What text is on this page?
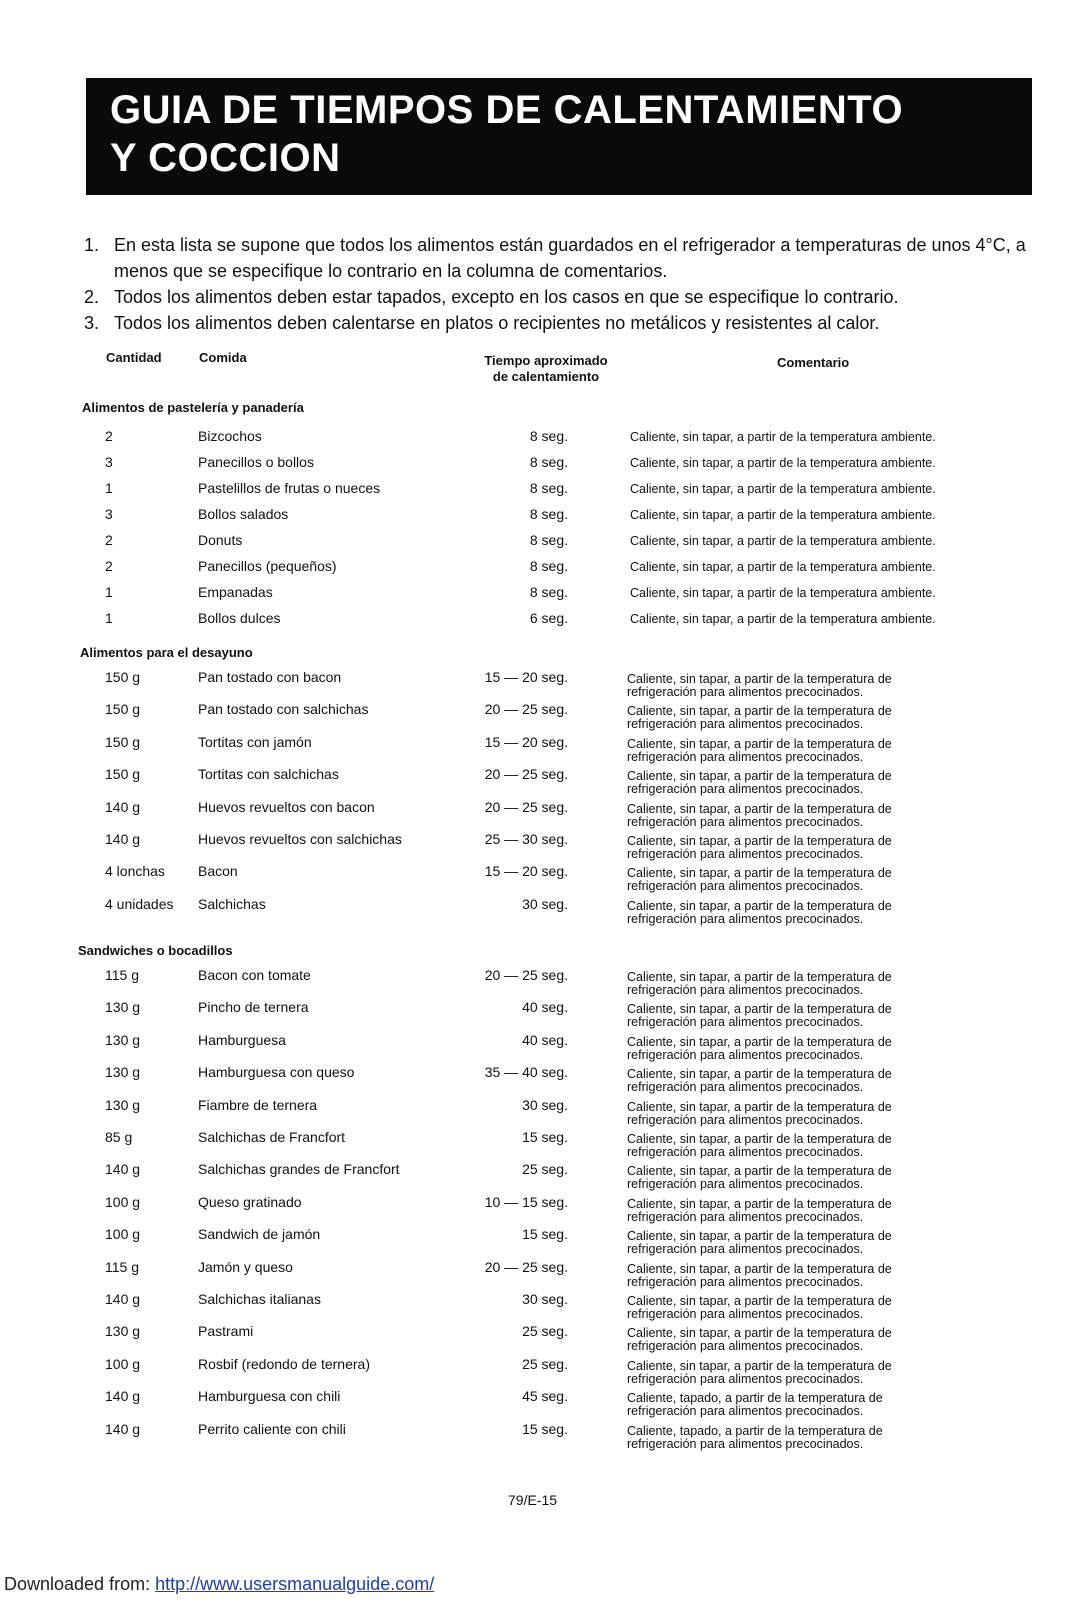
GUIA DE TIEMPOS DE CALENTAMIENTO
Y COCCION
1. En esta lista se supone que todos los alimentos están guardados en el refrigerador a temperaturas de unos 4°C, a menos que se especifique lo contrario en la columna de comentarios.
2. Todos los alimentos deben estar tapados, excepto en los casos en que se especifique lo contrario.
3. Todos los alimentos deben calentarse en platos o recipientes no metálicos y resistentes al calor.
Cantidad	Comida	Tiempo aproximado
de calentamiento
Comentario
Alimentos de pastelería y panadería
2	Bizcochos	8 seg.	Caliente, sin tapar, a partir de la temperatura ambiente.
3	Panecillos o bollos	8 seg.	Caliente, sin tapar, a partir de la temperatura ambiente.
1	Pastelillos de frutas o nueces	8 seg.	Caliente, sin tapar, a partir de la temperatura ambiente.
3	Bollos salados	8 seg.	Caliente, sin tapar, a partir de la temperatura ambiente.
2	Donuts	8 seg.	Caliente, sin tapar, a partir de la temperatura ambiente.
2	Panecillos (pequeños)	8 seg.	Caliente, sin tapar, a partir de la temperatura ambiente.
1	Empanadas	8 seg.	Caliente, sin tapar, a partir de la temperatura ambiente.
1	Bollos dulces	6 seg.	Caliente, sin tapar, a partir de la temperatura ambiente.
Alimentos para el desayuno
150 g	Pan tostado con bacon	15 — 20 seg.	Caliente, sin tapar, a partir de la temperatura de
refrigeración para alimentos precocinados.
150 g	Pan tostado con salchichas	20 — 25 seg.	Caliente, sin tapar, a partir de la temperatura de
refrigeración para alimentos precocinados.
150 g	Tortitas con jamón	15 — 20 seg.	Caliente, sin tapar, a partir de la temperatura de
refrigeración para alimentos precocinados.
150 g	Tortitas con salchichas	20 — 25 seg.	Caliente, sin tapar, a partir de la temperatura de
refrigeración para alimentos precocinados.
140 g	Huevos revueltos con bacon	20 — 25 seg.	Caliente, sin tapar, a partir de la temperatura de
refrigeración para alimentos precocinados.
140 g	Huevos revueltos con salchichas	25 — 30 seg.	Caliente, sin tapar, a partir de la temperatura de
refrigeración para alimentos precocinados.
4 lonchas Bacon	15 — 20 seg.	Caliente, sin tapar, a partir de la temperatura de
refrigeración para alimentos precocinados.
4 unidades Salchichas	30 seg.	Caliente, sin tapar, a partir de la temperatura de
refrigeración para alimentos precocinados.
Sandwiches o bocadillos
115 g	Bacon con tomate	20 — 25 seg.	Caliente, sin tapar, a partir de la temperatura de
refrigeración para alimentos precocinados.
130 g	Pincho de ternera	40 seg.	Caliente, sin tapar, a partir de la temperatura de
refrigeración para alimentos precocinados.
130 g	Hamburguesa	40 seg.	Caliente, sin tapar, a partir de la temperatura de
refrigeración para alimentos precocinados.
130 g	Hamburguesa con queso	35 — 40 seg.	Caliente, sin tapar, a partir de la temperatura de
refrigeración para alimentos precocinados.
130 g	Fiambre de ternera	30 seg.	Caliente, sin tapar, a partir de la temperatura de
refrigeración para alimentos precocinados.
85 g	Salchichas de Francfort	15 seg.	Caliente, sin tapar, a partir de la temperatura de
refrigeración para alimentos precocinados.
140 g	Salchichas grandes de Francfort	25 seg.	Caliente, sin tapar, a partir de la temperatura de
refrigeración para alimentos precocinados.
100 g	Queso gratinado	10 — 15 seg.	Caliente, sin tapar, a partir de la temperatura de
refrigeración para alimentos precocinados.
100 g	Sandwich de jamón	15 seg.	Caliente, sin tapar, a partir de la temperatura de
refrigeración para alimentos precocinados.
115 g	Jamón y queso	20 — 25 seg.	Caliente, sin tapar, a partir de la temperatura de
refrigeración para alimentos precocinados.
140 g	Salchichas italianas	30 seg.	Caliente, sin tapar, a partir de la temperatura de
refrigeración para alimentos precocinados.
130 g	Pastrami	25 seg.	Caliente, sin tapar, a partir de la temperatura de
refrigeración para alimentos precocinados.
100 g	Rosbif (redondo de ternera)	25 seg.	Caliente, sin tapar, a partir de la temperatura de
refrigeración para alimentos precocinados.
140 g	Hamburguesa con chili	45 seg.	Caliente, tapado, a partir de la temperatura de
refrigeración para alimentos precocinados.
140 g	Perrito caliente con chili	15 seg.	Caliente, tapado, a partir de la temperatura de
refrigeración para alimentos precocinados.
79/E-15
Downloaded from: http://www.usersmanualguide.com/
